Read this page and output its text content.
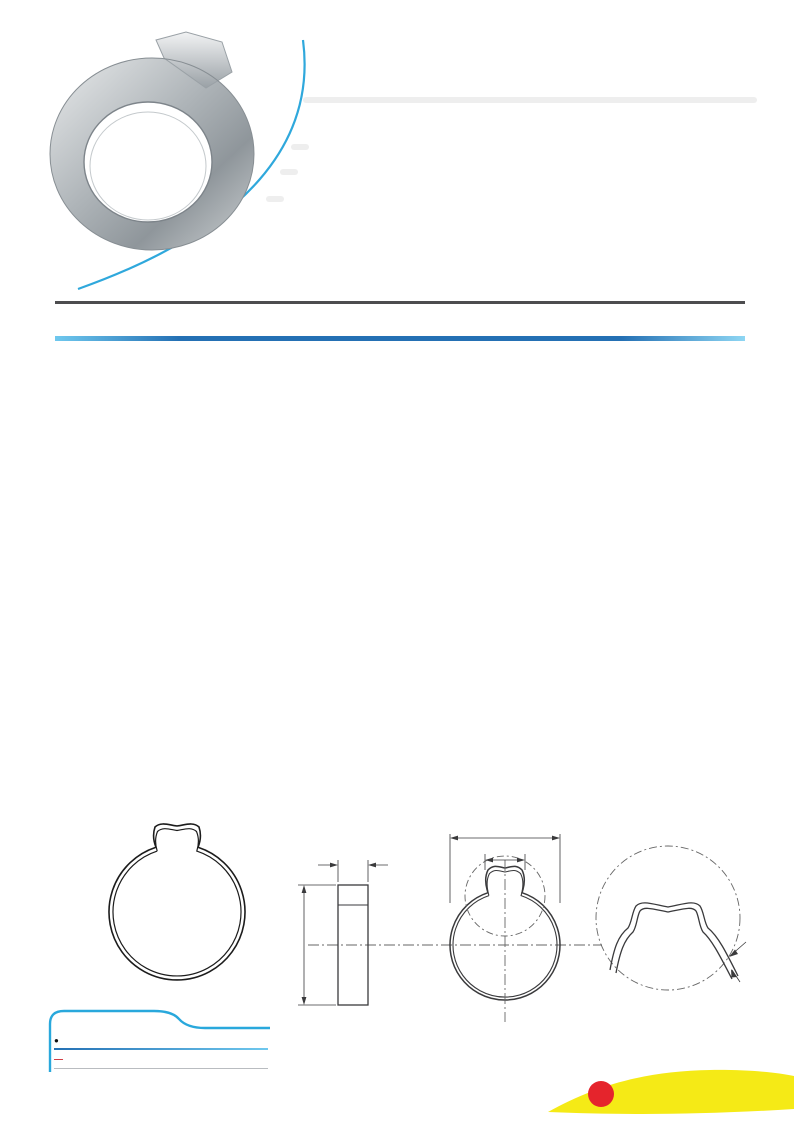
●
—
